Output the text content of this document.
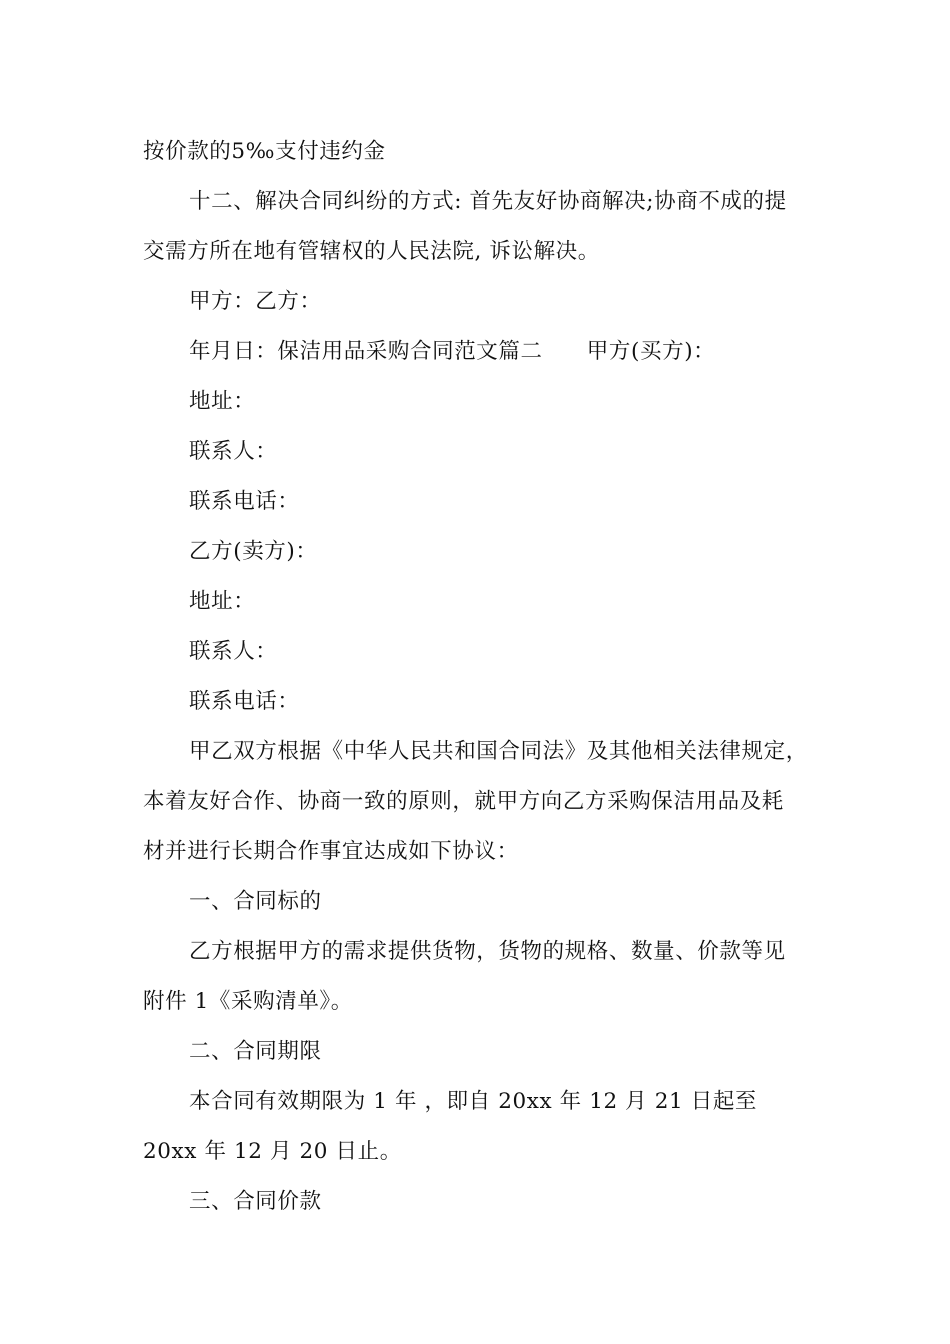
按价款的5‰支付违约金
十二、解决合同纠纷的方式: 首先友好协商解决;协商不成的提
交需方所在地有管辖权的人民法院, 诉讼解决。
甲方：乙方：
年月日：保洁用品采购合同范文篇二　　甲方(买方)：
地址：
联系人：
联系电话：
乙方(卖方)：
地址：
联系人：
联系电话：
甲乙双方根据《中华人民共和国合同法》及其他相关法律规定，
本着友好合作、协商一致的原则，就甲方向乙方采购保洁用品及耗
材并进行长期合作事宜达成如下协议：
一、合同标的
乙方根据甲方的需求提供货物，货物的规格、数量、价款等见
附件 1《采购清单》。
二、合同期限
本合同有效期限为 1 年 ，即自 20xx 年 12 月 21 日起至
20xx 年 12 月 20 日止。
三、合同价款
